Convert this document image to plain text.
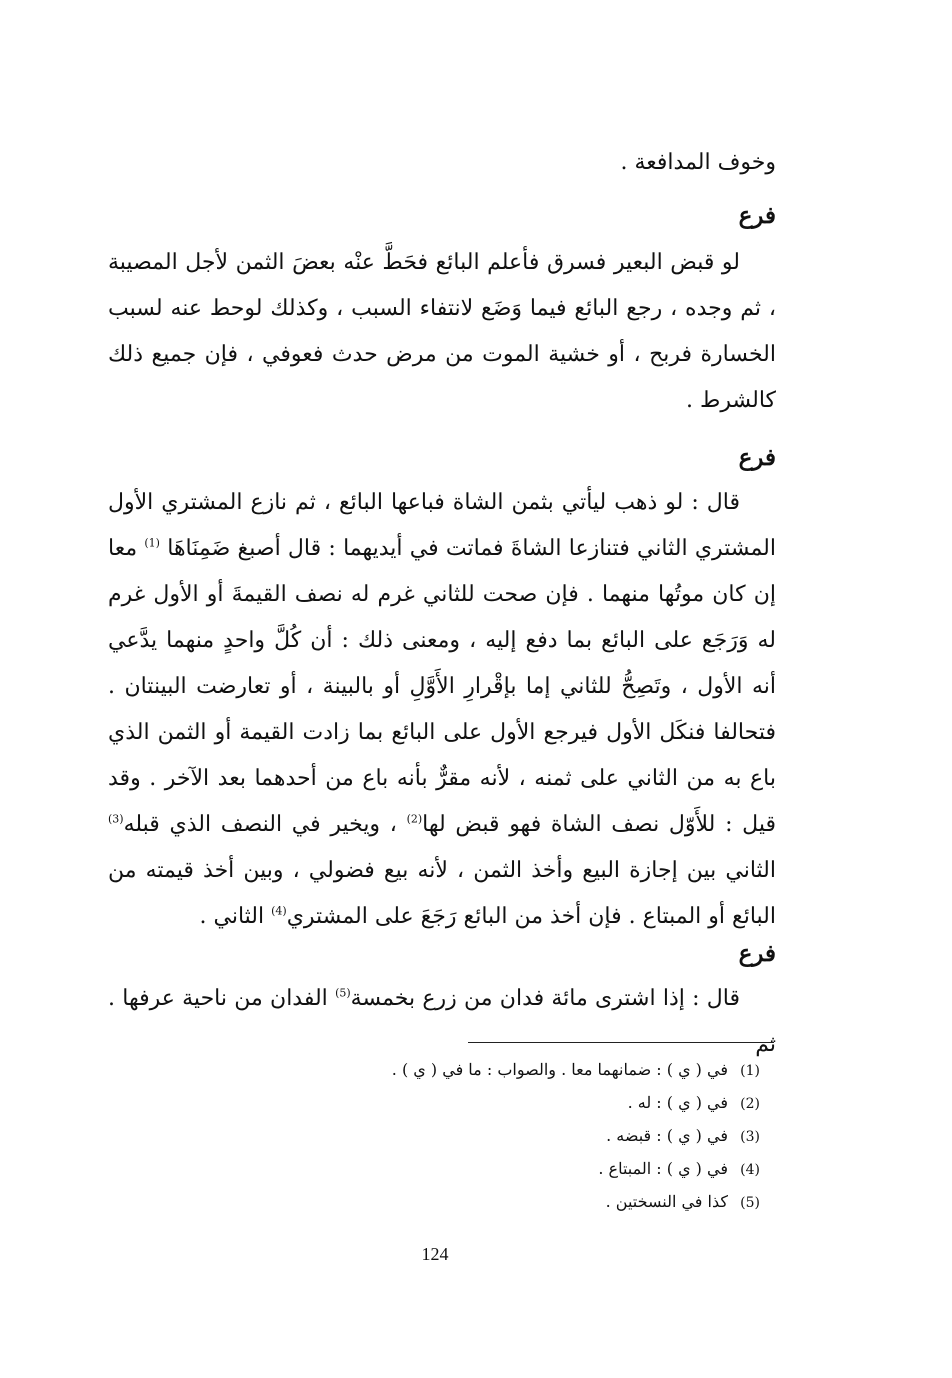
وخوف المدافعة .

فرع

لو قبض البعير فسرق فأعلم البائع فحَطَّ عنْه بعضَ الثمن لأجل المصيبة ، ثم وجده ، رجع البائع فيما وَضَع لانتفاء السبب ، وكذلك لوحط عنه لسبب الخسارة فربح ، أو خشية الموت من مرض حدث فعوفي ، فإن جميع ذلك كالشرط .

فرع

قال : لو ذهب ليأتي بثمن الشاة فباعها البائع ، ثم نازع المشتري الأول المشتري الثاني فتنازعا الشاةَ فماتت في أيديهما : قال أصبغ ضَمِنَاهَا $^{(1)}$ معا إن كان موتُها منهما . فإن صحت للثاني غرم له نصف القيمةَ أو الأول غرم له وَرَجَع على البائع بما دفع إليه ، ومعنى ذلك : أن كُلَّ واحدٍ منهما يدَّعي أنه الأول ، وتَصِحُّ للثاني إما بإقْرارِ الأَوَّلِ أو بالبينة ، أو تعارضت البينتان . فتحالفا فنكَل الأول فيرجع الأول على البائع بما زادت القيمة أو الثمن الذي باع به من الثاني على ثمنه ، لأنه مقرٌّ بأنه باع من أحدهما بعد الآخر . وقد قيل : للأَوّل نصف الشاة فهو قبض لها$^{(2)}$ ، ويخير في النصف الذي قبله$^{(3)}$ الثاني بين إجازة البيع وأخذ الثمن ، لأنه بيع فضولي ، وبين أخذ قيمته من البائع أو المبتاع . فإن أخذ من البائع رَجَعَ على المشتري$^{(4)}$ الثاني .

فرع

قال : إذا اشترى مائة فدان من زرع بخمسة$^{(5)}$ الفدان من ناحية عرفها . ثم

(1)في ( ي ) : ضمانهما معا . والصواب : ما في ( ي ) .

(2)في ( ي ) : له .

(3)في ( ي ) : قبضه .

(4)في ( ي ) : المبتاع .

(5)كذا في النسختين .

124
